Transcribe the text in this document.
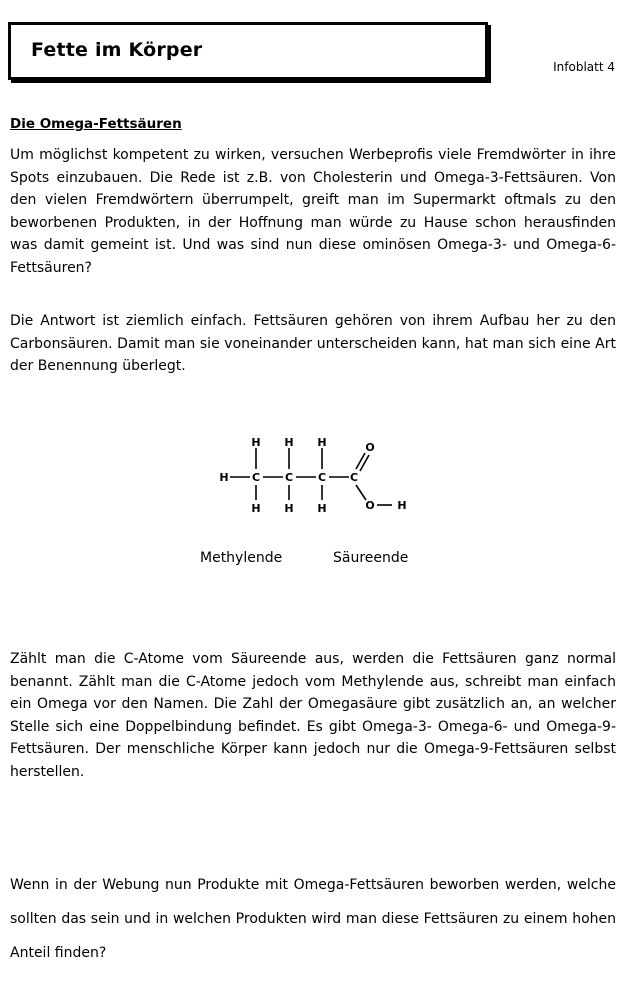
Fette im Körper
Infoblatt 4
Die Omega-Fettsäuren

Um möglichst kompetent zu wirken, versuchen Werbeprofis viele Fremdwörter in ihre Spots einzubauen. Die Rede ist z.B. von Cholesterin und Omega-3-Fettsäuren. Von den vielen Fremdwörtern überrumpelt, greift man im Supermarkt oftmals zu den beworbenen Produkten, in der Hoffnung man würde zu Hause schon herausfinden was damit gemeint ist. Und was sind nun diese ominösen Omega-3- und Omega-6-Fettsäuren?

Die Antwort ist ziemlich einfach. Fettsäuren gehören von ihrem Aufbau her zu den Carbonsäuren. Damit man sie voneinander unterscheiden kann, hat man sich eine Art der Benennung überlegt.

H C C C C
H H H
H H H
O
O H
Methylende	Säureende

Zählt man die C-Atome vom Säureende aus, werden die Fettsäuren ganz normal benannt. Zählt man die C-Atome jedoch vom Methylende aus, schreibt man einfach ein Omega vor den Namen. Die Zahl der Omegasäure gibt zusätzlich an, an welcher Stelle sich eine Doppelbindung befindet. Es gibt Omega-3- Omega-6- und Omega-9-Fettsäuren. Der menschliche Körper kann jedoch nur die Omega-9-Fettsäuren selbst herstellen.

Wenn in der Webung nun Produkte mit Omega-Fettsäuren beworben werden, welche sollten das sein und in welchen Produkten wird man diese Fettsäuren zu einem hohen Anteil finden?
